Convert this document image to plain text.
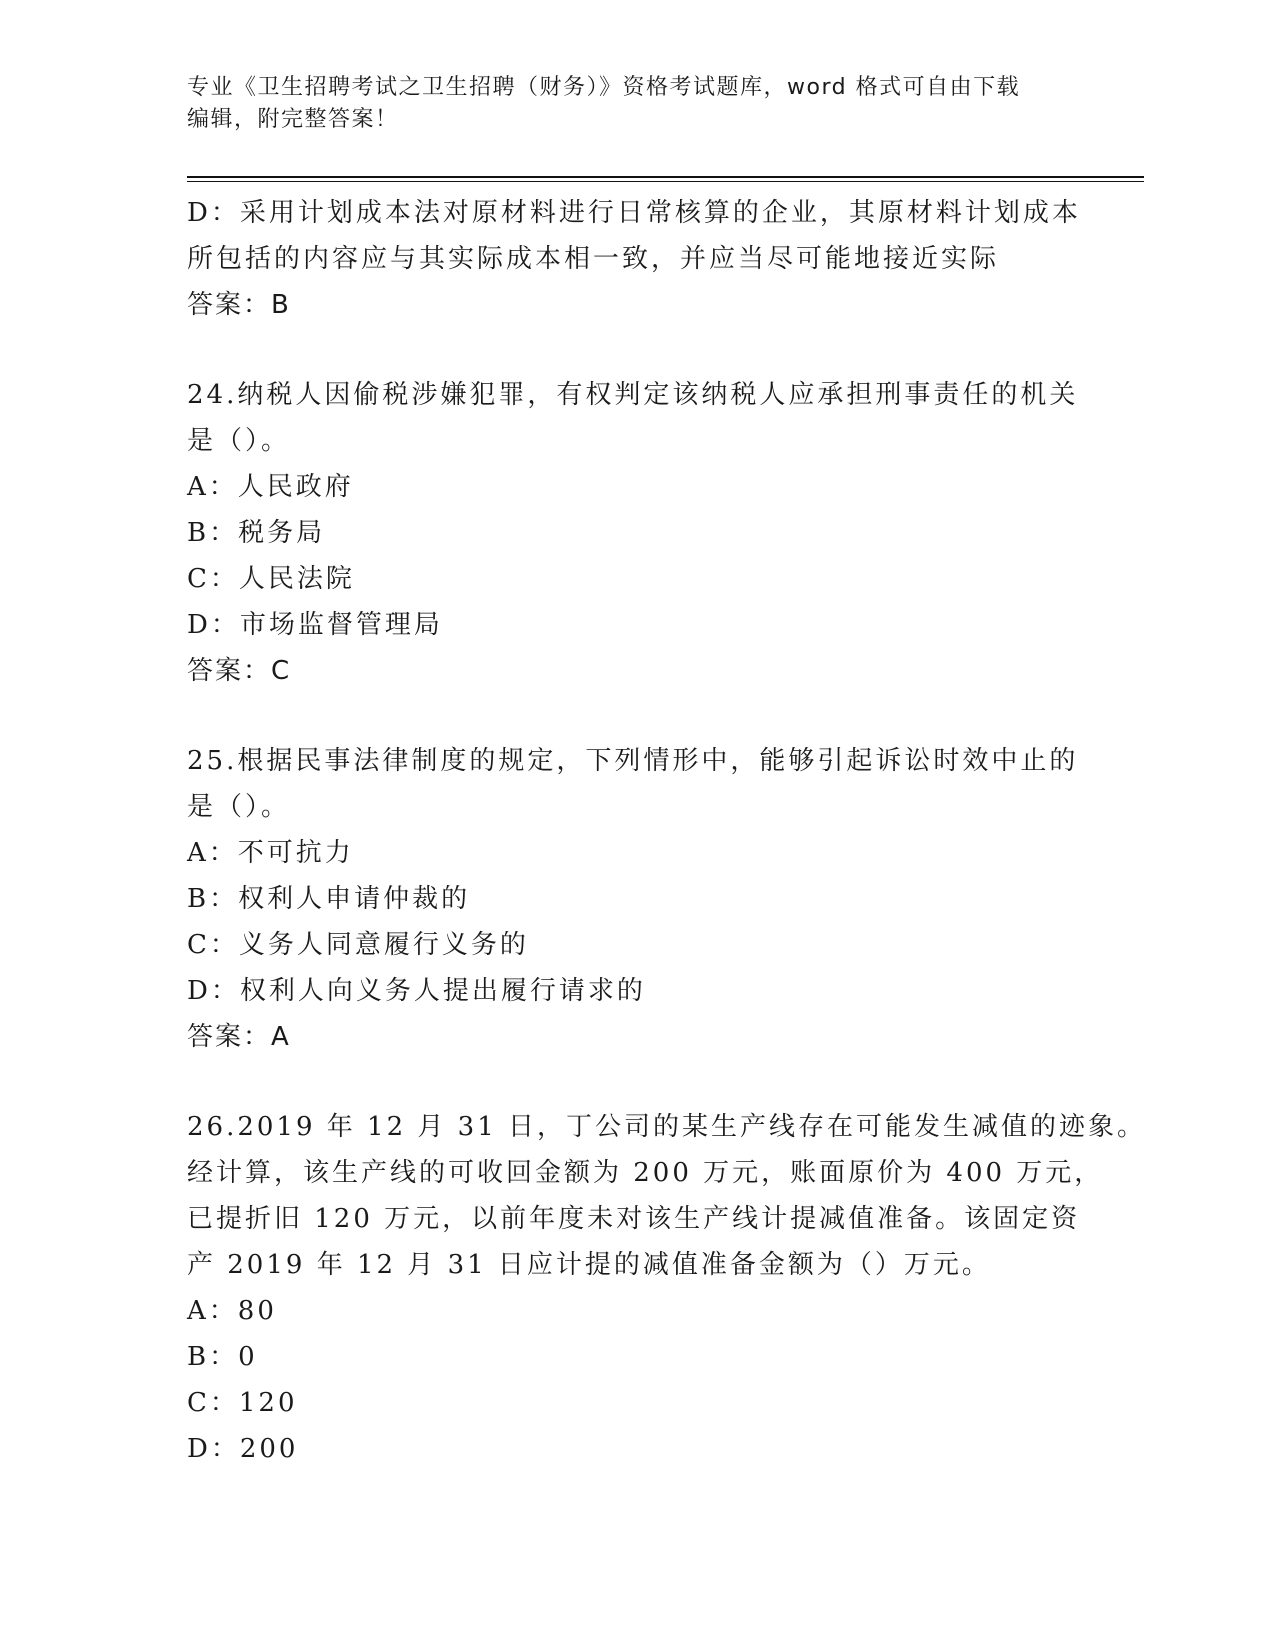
专业《卫生招聘考试之卫生招聘（财务）》资格考试题库，word 格式可自由下载
编辑，附完整答案！
D：采用计划成本法对原材料进行日常核算的企业，其原材料计划成本
所包括的内容应与其实际成本相一致，并应当尽可能地接近实际
答案：B
24.纳税人因偷税涉嫌犯罪，有权判定该纳税人应承担刑事责任的机关
是（）。
A：人民政府
B：税务局
C：人民法院
D：市场监督管理局
答案：C
25.根据民事法律制度的规定，下列情形中，能够引起诉讼时效中止的
是（）。
A：不可抗力
B：权利人申请仲裁的
C：义务人同意履行义务的
D：权利人向义务人提出履行请求的
答案：A
26.2019 年 12 月 31 日，丁公司的某生产线存在可能发生减值的迹象。
经计算，该生产线的可收回金额为 200 万元，账面原价为 400 万元，
已提折旧 120 万元，以前年度未对该生产线计提减值准备。该固定资
产 2019 年 12 月 31 日应计提的减值准备金额为（）万元。
A：80
B：0
C：120
D：200
